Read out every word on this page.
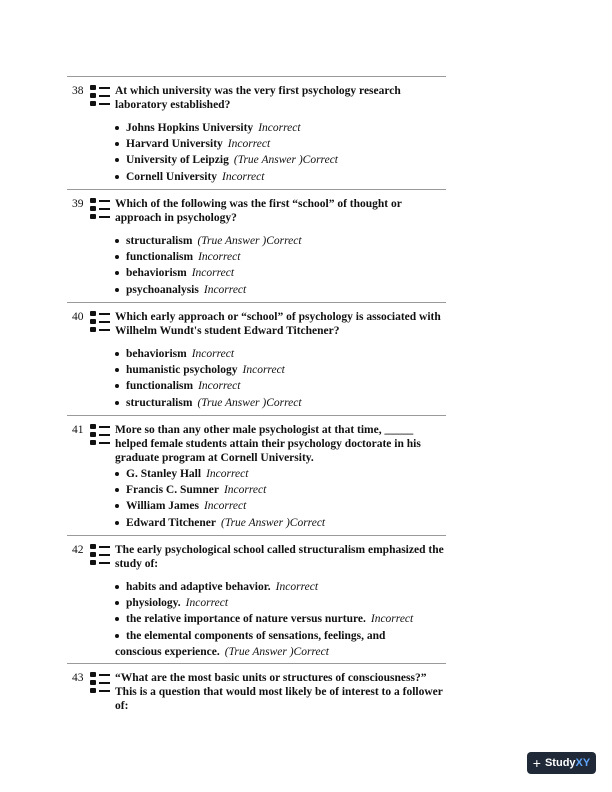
38	At which university was the very first psychology research laboratory established?
Johns Hopkins University Incorrect
Harvard University Incorrect
University of Leipzig (True Answer )Correct
Cornell University Incorrect
39	Which of the following was the first “school” of thought or approach in psychology?
structuralism (True Answer )Correct
functionalism Incorrect
behaviorism Incorrect
psychoanalysis Incorrect
40	Which early approach or “school” of psychology is associated with Wilhelm Wundt's student Edward Titchener?
behaviorism Incorrect
humanistic psychology Incorrect
functionalism Incorrect
structuralism (True Answer )Correct
41	More so than any other male psychologist at that time, _____ helped female students attain their psychology doctorate in his graduate program at Cornell University.
G. Stanley Hall Incorrect
Francis C. Sumner Incorrect
William James Incorrect
Edward Titchener (True Answer )Correct
42	The early psychological school called structuralism emphasized the study of:
habits and adaptive behavior. Incorrect
physiology. Incorrect
the relative importance of nature versus nurture. Incorrect
the elemental components of sensations, feelings, and
conscious experience. (True Answer )Correct
43	“What are the most basic units or structures of consciousness?” This is a question that would most likely be of interest to a follower of:
+ StudyXY
